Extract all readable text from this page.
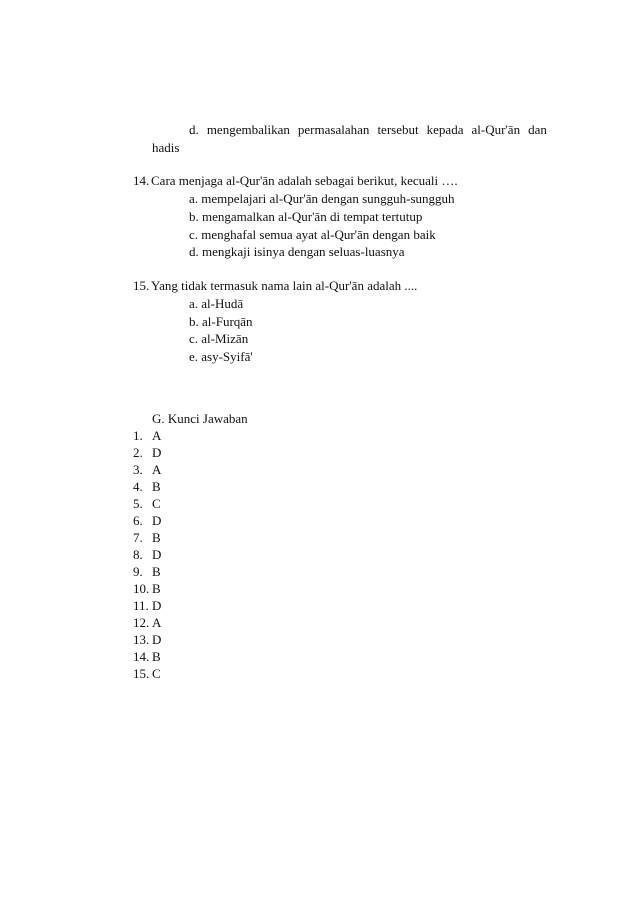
d. mengembalikan permasalahan tersebut kepada al-Qur'ān dan
hadis
14. Cara menjaga al-Qur'ān adalah sebagai berikut, kecuali ….
a. mempelajari al-Qur'ān dengan sungguh-sungguh
b. mengamalkan al-Qur'ān di tempat tertutup
c. menghafal semua ayat al-Qur'ān dengan baik
d. mengkaji isinya dengan seluas-luasnya
15. Yang tidak termasuk nama lain al-Qur'ān adalah ....
a. al-Hudā
b. al-Furqān
c. al-Mizān
e. asy-Syifā'
G. Kunci Jawaban
1. A
2. D
3. A
4. B
5. C
6. D
7. B
8. D
9. B
10. B
11. D
12. A
13. D
14. B
15. C
